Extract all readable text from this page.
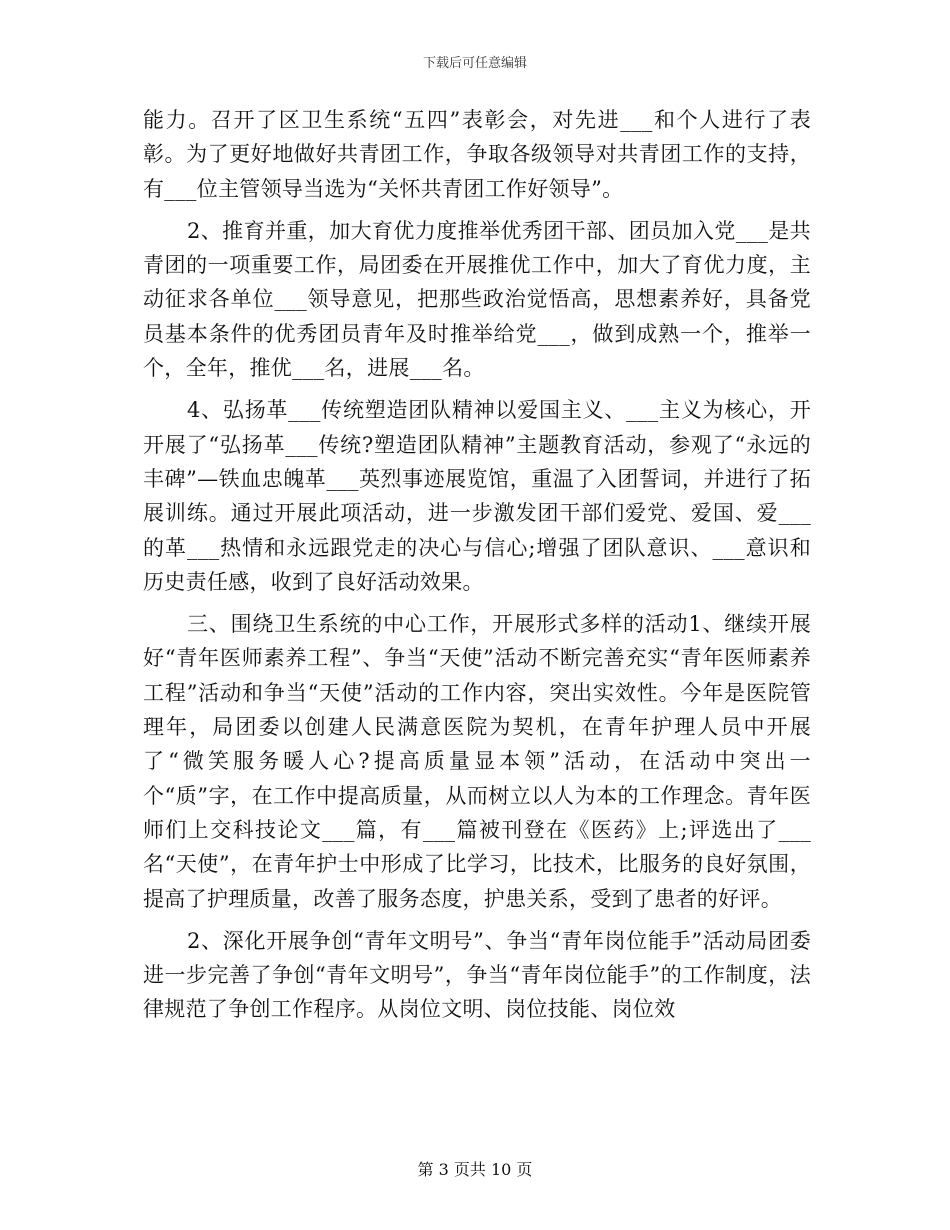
下载后可任意编辑

能力。召开了区卫生系统“五四”表彰会，对先进___和个人进行了表彰。为了更好地做好共青团工作，争取各级领导对共青团工作的支持，有___位主管领导当选为“关怀共青团工作好领导”。

2、推育并重，加大育优力度推举优秀团干部、团员加入党___是共青团的一项重要工作，局团委在开展推优工作中，加大了育优力度，主动征求各单位___领导意见，把那些政治觉悟高，思想素养好，具备党员基本条件的优秀团员青年及时推举给党___，做到成熟一个，推举一个，全年，推优___名，进展___名。

4、弘扬革___传统塑造团队精神以爱国主义、___主义为核心，开开展了“弘扬革___传统?塑造团队精神”主题教育活动，参观了“永远的丰碑”—铁血忠魄革___英烈事迹展览馆，重温了入团誓词，并进行了拓展训练。通过开展此项活动，进一步激发团干部们爱党、爱国、爱___的革___热情和永远跟党走的决心与信心;增强了团队意识、___意识和历史责任感，收到了良好活动效果。

三、围绕卫生系统的中心工作，开展形式多样的活动1、继续开展好“青年医师素养工程”、争当“天使”活动不断完善充实“青年医师素养工程”活动和争当“天使”活动的工作内容，突出实效性。今年是医院管理年，局团委以创建人民满意医院为契机，在青年护理人员中开展了“微笑服务暖人心?提高质量显本领”活动，在活动中突出一个“质”字，在工作中提高质量，从而树立以人为本的工作理念。青年医师们上交科技论文___篇，有___篇被刊登在《医药》上;评选出了___名“天使”，在青年护士中形成了比学习，比技术，比服务的良好氛围，提高了护理质量，改善了服务态度，护患关系，受到了患者的好评。

2、深化开展争创“青年文明号”、争当“青年岗位能手”活动局团委进一步完善了争创“青年文明号”，争当“青年岗位能手”的工作制度，法律规范了争创工作程序。从岗位文明、岗位技能、岗位效

第 3 页共 10 页
